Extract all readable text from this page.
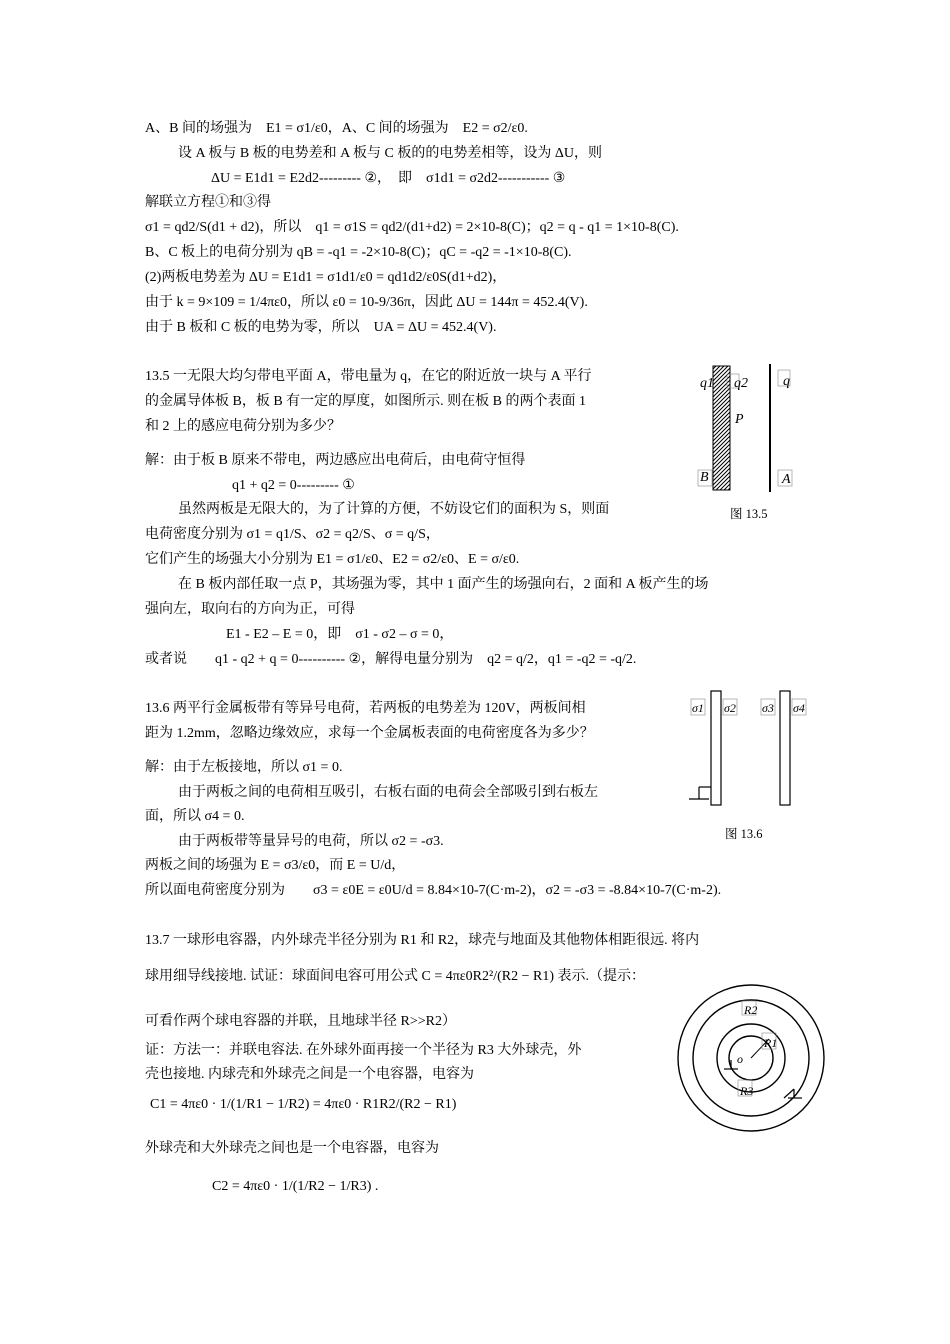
A、B 间的场强为　E1 = σ1/ε0，A、C 间的场强为　E2 = σ2/ε0.
设 A 板与 B 板的电势差和 A 板与 C 板的的电势差相等，设为 ΔU，则
ΔU = E1d1 = E2d2--------- ②，　即　σ1d1 = σ2d2----------- ③
解联立方程①和③得
σ1 = qd2/S(d1 + d2)，所以　q1 = σ1S = qd2/(d1+d2) = 2×10-8(C)；q2 = q - q1 = 1×10-8(C).
B、C 板上的电荷分别为 qB = -q1 = -2×10-8(C)；qC = -q2 = -1×10-8(C).
(2)两板电势差为 ΔU = E1d1 = σ1d1/ε0 = qd1d2/ε0S(d1+d2)，
由于 k = 9×109 = 1/4πε0，所以 ε0 = 10-9/36π，因此 ΔU = 144π = 452.4(V).
由于 B 板和 C 板的电势为零，所以　UA = ΔU = 452.4(V).
13.5 一无限大均匀带电平面 A，带电量为 q，在它的附近放一块与 A 平行
的金属导体板 B，板 B 有一定的厚度，如图所示. 则在板 B 的两个表面 1
和 2 上的感应电荷分别为多少？
解：由于板 B 原来不带电，两边感应出电荷后，由电荷守恒得
q1 + q2 = 0--------- ①
虽然两板是无限大的，为了计算的方便，不妨设它们的面积为 S，则面
电荷密度分别为 σ1 = q1/S、σ2 = q2/S、σ = q/S，
它们产生的场强大小分别为 E1 = σ1/ε0、E2 = σ2/ε0、E = σ/ε0.
在 B 板内部任取一点 P，其场强为零，其中 1 面产生的场强向右，2 面和 A 板产生的场
强向左，取向右的方向为正，可得
E1 - E2 – E = 0，即　σ1 - σ2 – σ = 0，
或者说　　q1 - q2 + q = 0---------- ②，解得电量分别为　q2 = q/2，q1 = -q2 = -q/2.
q1 q2
P
B
q
A
图 13.5
13.6 两平行金属板带有等异号电荷，若两板的电势差为 120V，两板间相
距为 1.2mm，忽略边缘效应，求每一个金属板表面的电荷密度各为多少？
解：由于左板接地，所以 σ1 = 0.
由于两板之间的电荷相互吸引，右板右面的电荷会全部吸引到右板左
面，所以 σ4 = 0.
由于两板带等量异号的电荷，所以 σ2 = -σ3.
两板之间的场强为 E = σ3/ε0，而 E = U/d，
所以面电荷密度分别为　　σ3 = ε0E = ε0U/d = 8.84×10-7(C·m-2)，σ2 = -σ3 = -8.84×10-7(C·m-2).
σ1 σ2 σ3 σ4
图 13.6
13.7 一球形电容器，内外球壳半径分别为 R1 和 R2，球壳与地面及其他物体相距很远. 将内
球用细导线接地. 试证：球面间电容可用公式 C = 4πε0R2²/(R2 − R1) 表示.（提示：
可看作两个球电容器的并联，且地球半径 R>>R2）
证：方法一：并联电容法. 在外球外面再接一个半径为 R3 大外球壳，外
壳也接地. 内球壳和外球壳之间是一个电容器，电容为
C1 = 4πε0 · 1/(1/R1 − 1/R2) = 4πε0 · R1R2/(R2 − R1)
外球壳和大外球壳之间也是一个电容器，电容为
C2 = 4πε0 · 1/(1/R2 − 1/R3) .
R2
o
R1
R3
